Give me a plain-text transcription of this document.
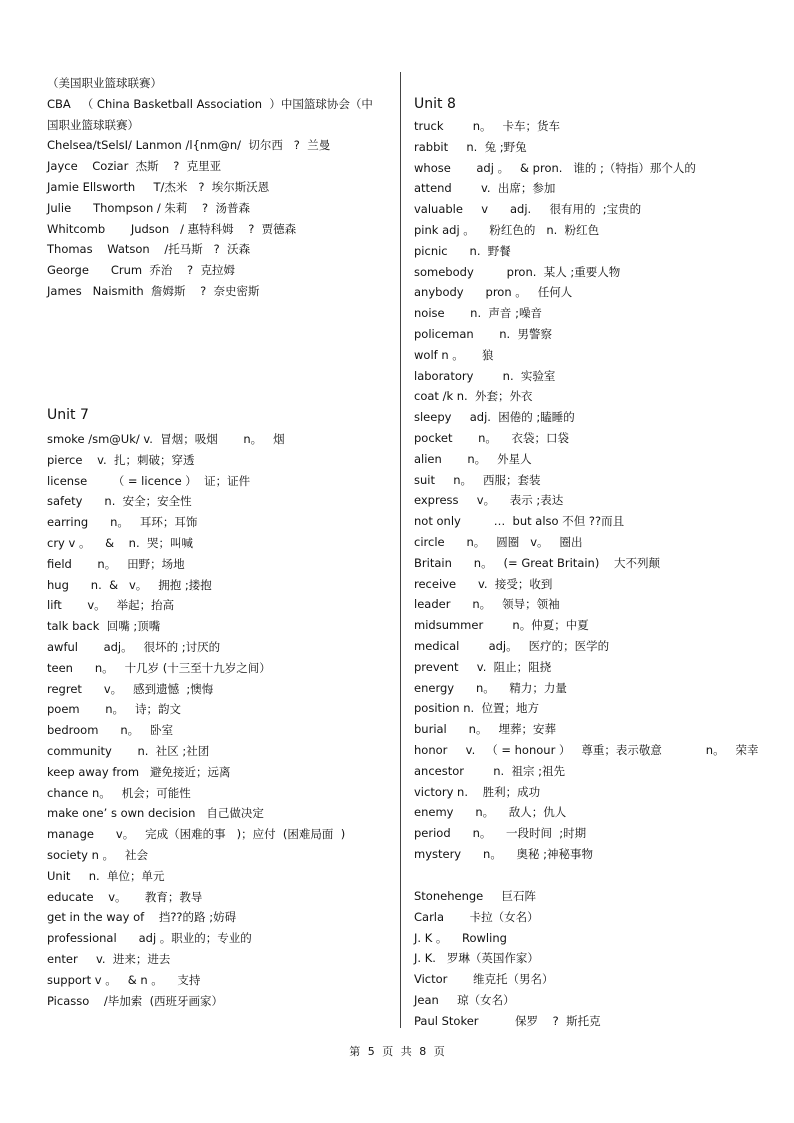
（美国职业篮球联赛）
CBA   （ China Basketball Association  ）中国篮球协会（中
国职业篮球联赛）
Chelsea/tSelsI/ Lanmon /l{nm@n/  切尔西   ?  兰曼
Jayce    Coziar  杰斯    ?  克里亚
Jamie Ellsworth     T/杰米   ?  埃尔斯沃恩
Julie      Thompson / 朱莉    ?  汤普森
Whitcomb       Judson   / 惠特科姆    ?  贾德森
Thomas    Watson    /托马斯   ?  沃森
George      Crum  乔治    ?  克拉姆
James   Naismith  詹姆斯    ?  奈史密斯
Unit 7
smoke /sm@Uk/ v.  冒烟；吸烟       n。   烟
pierce    v.  扎；刺破；穿透
license       （ = licence ）  证；证件
safety      n.  安全；安全性
earring      n。   耳环；耳饰
cry v 。    &    n.  哭；叫喊
field       n。   田野；场地
hug      n.  &   v。   拥抱 ;搂抱
lift       v。   举起；抬高
talk back  回嘴 ;顶嘴
awful       adj。   很坏的 ;讨厌的
teen      n。   十几岁 (十三至十九岁之间）
regret      v。   感到遗憾  ;懊悔
poem       n。   诗；韵文
bedroom      n。   卧室
community       n.  社区 ;社团
keep away from   避免接近；远离
chance n。   机会；可能性
make one’ s own decision   自己做决定
manage      v。   完成（困难的事   )；应付  (困难局面  )
society n 。   社会
Unit     n.  单位；单元
educate    v。     教育；教导
get in the way of    挡??的路 ;妨碍
professional      adj 。职业的；专业的
enter     v.  进来；进去
support v 。   & n 。    支持
Picasso    /毕加索  (西班牙画家）
Unit 8
truck        n。   卡车；货车
rabbit     n.  兔 ;野兔
whose       adj 。   & pron.   谁的 ;（特指）那个人的
attend        v.  出席；参加
valuable     v      adj.     很有用的  ;宝贵的
pink adj 。    粉红色的   n.  粉红色
picnic      n.  野餐
somebody         pron.  某人 ;重要人物
anybody      pron 。   任何人
noise       n.  声音 ;噪音
policeman       n.  男警察
wolf n 。     狼
laboratory        n.  实验室
coat /k n.  外套；外衣
sleepy     adj.  困倦的 ;瞌睡的
pocket       n。    衣袋；口袋
alien       n。   外星人
suit     n。   西服；套装
express     v。    表示 ;表达
not only         …  but also 不但 ??而且
circle      n。   圆圈   v。   圈出
Britain      n。   (= Great Britain)    大不列颠
receive      v.  接受；收到
leader      n。   领导；领袖
midsummer        n。仲夏；中夏
medical        adj。   医疗的；医学的
prevent     v.  阻止；阻挠
energy      n。    精力；力量
position n.  位置；地方
burial      n。   埋葬；安葬
honor     v.   （ = honour ）   尊重；表示敬意            n。   荣幸
ancestor        n.  祖宗 ;祖先
victory n.    胜利；成功
enemy      n。    敌人；仇人
period      n。    一段时间  ;时期
mystery      n。    奥秘 ;神秘事物
Stonehenge     巨石阵
Carla       卡拉（女名）
J. K 。    Rowling
J. K.   罗琳（英国作家）
Victor       维克托（男名）
Jean     琼（女名）
Paul Stoker          保罗    ?  斯托克
第 5 页 共 8 页
